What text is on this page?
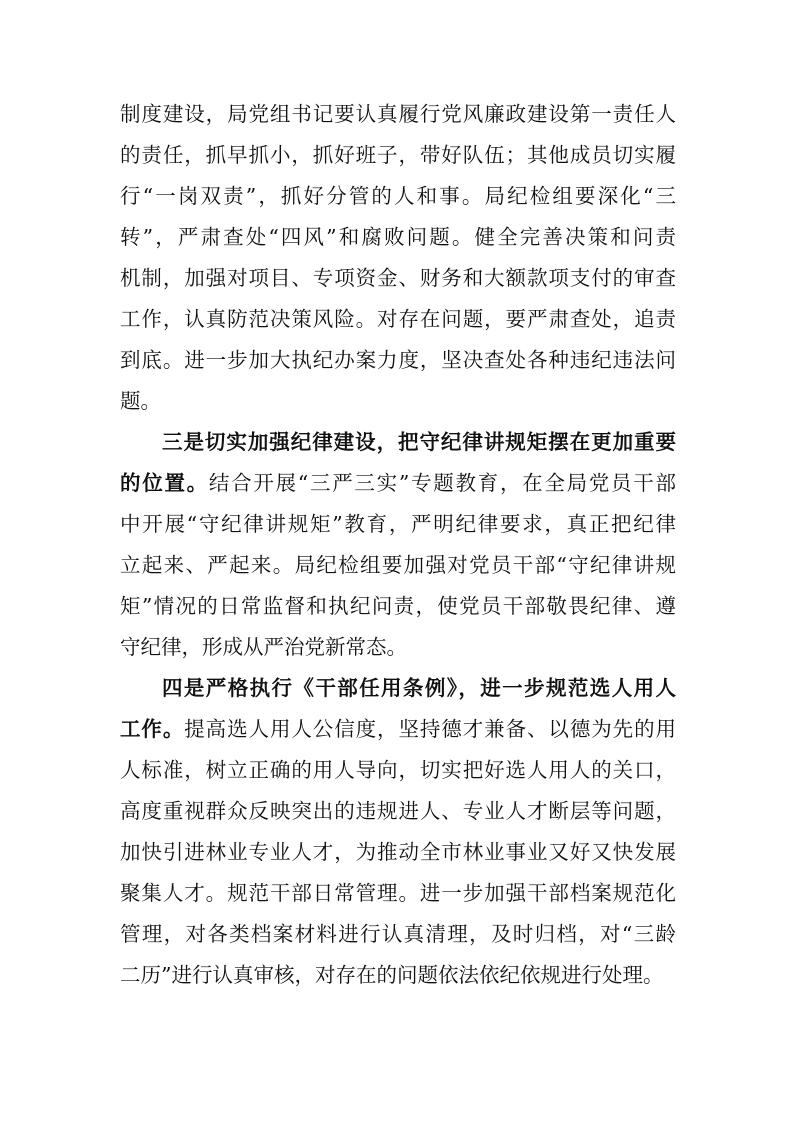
制度建设，局党组书记要认真履行党风廉政建设第一责任人
的责任，抓早抓小，抓好班子，带好队伍；其他成员切实履
行“一岗双责”，抓好分管的人和事。局纪检组要深化“三
转”，严肃查处“四风”和腐败问题。健全完善决策和问责
机制，加强对项目、专项资金、财务和大额款项支付的审查
工作，认真防范决策风险。对存在问题，要严肃查处，追责
到底。进一步加大执纪办案力度，坚决查处各种违纪违法问
题。
三是切实加强纪律建设，把守纪律讲规矩摆在更加重要
的位置。结合开展“三严三实”专题教育，在全局党员干部
中开展“守纪律讲规矩”教育，严明纪律要求，真正把纪律
立起来、严起来。局纪检组要加强对党员干部“守纪律讲规
矩”情况的日常监督和执纪问责，使党员干部敬畏纪律、遵
守纪律，形成从严治党新常态。
四是严格执行《干部任用条例》，进一步规范选人用人
工作。提高选人用人公信度，坚持德才兼备、以德为先的用
人标准，树立正确的用人导向，切实把好选人用人的关口，
高度重视群众反映突出的违规进人、专业人才断层等问题，
加快引进林业专业人才，为推动全市林业事业又好又快发展
聚集人才。规范干部日常管理。进一步加强干部档案规范化
管理，对各类档案材料进行认真清理，及时归档，对“三龄
二历”进行认真审核，对存在的问题依法依纪依规进行处理。
